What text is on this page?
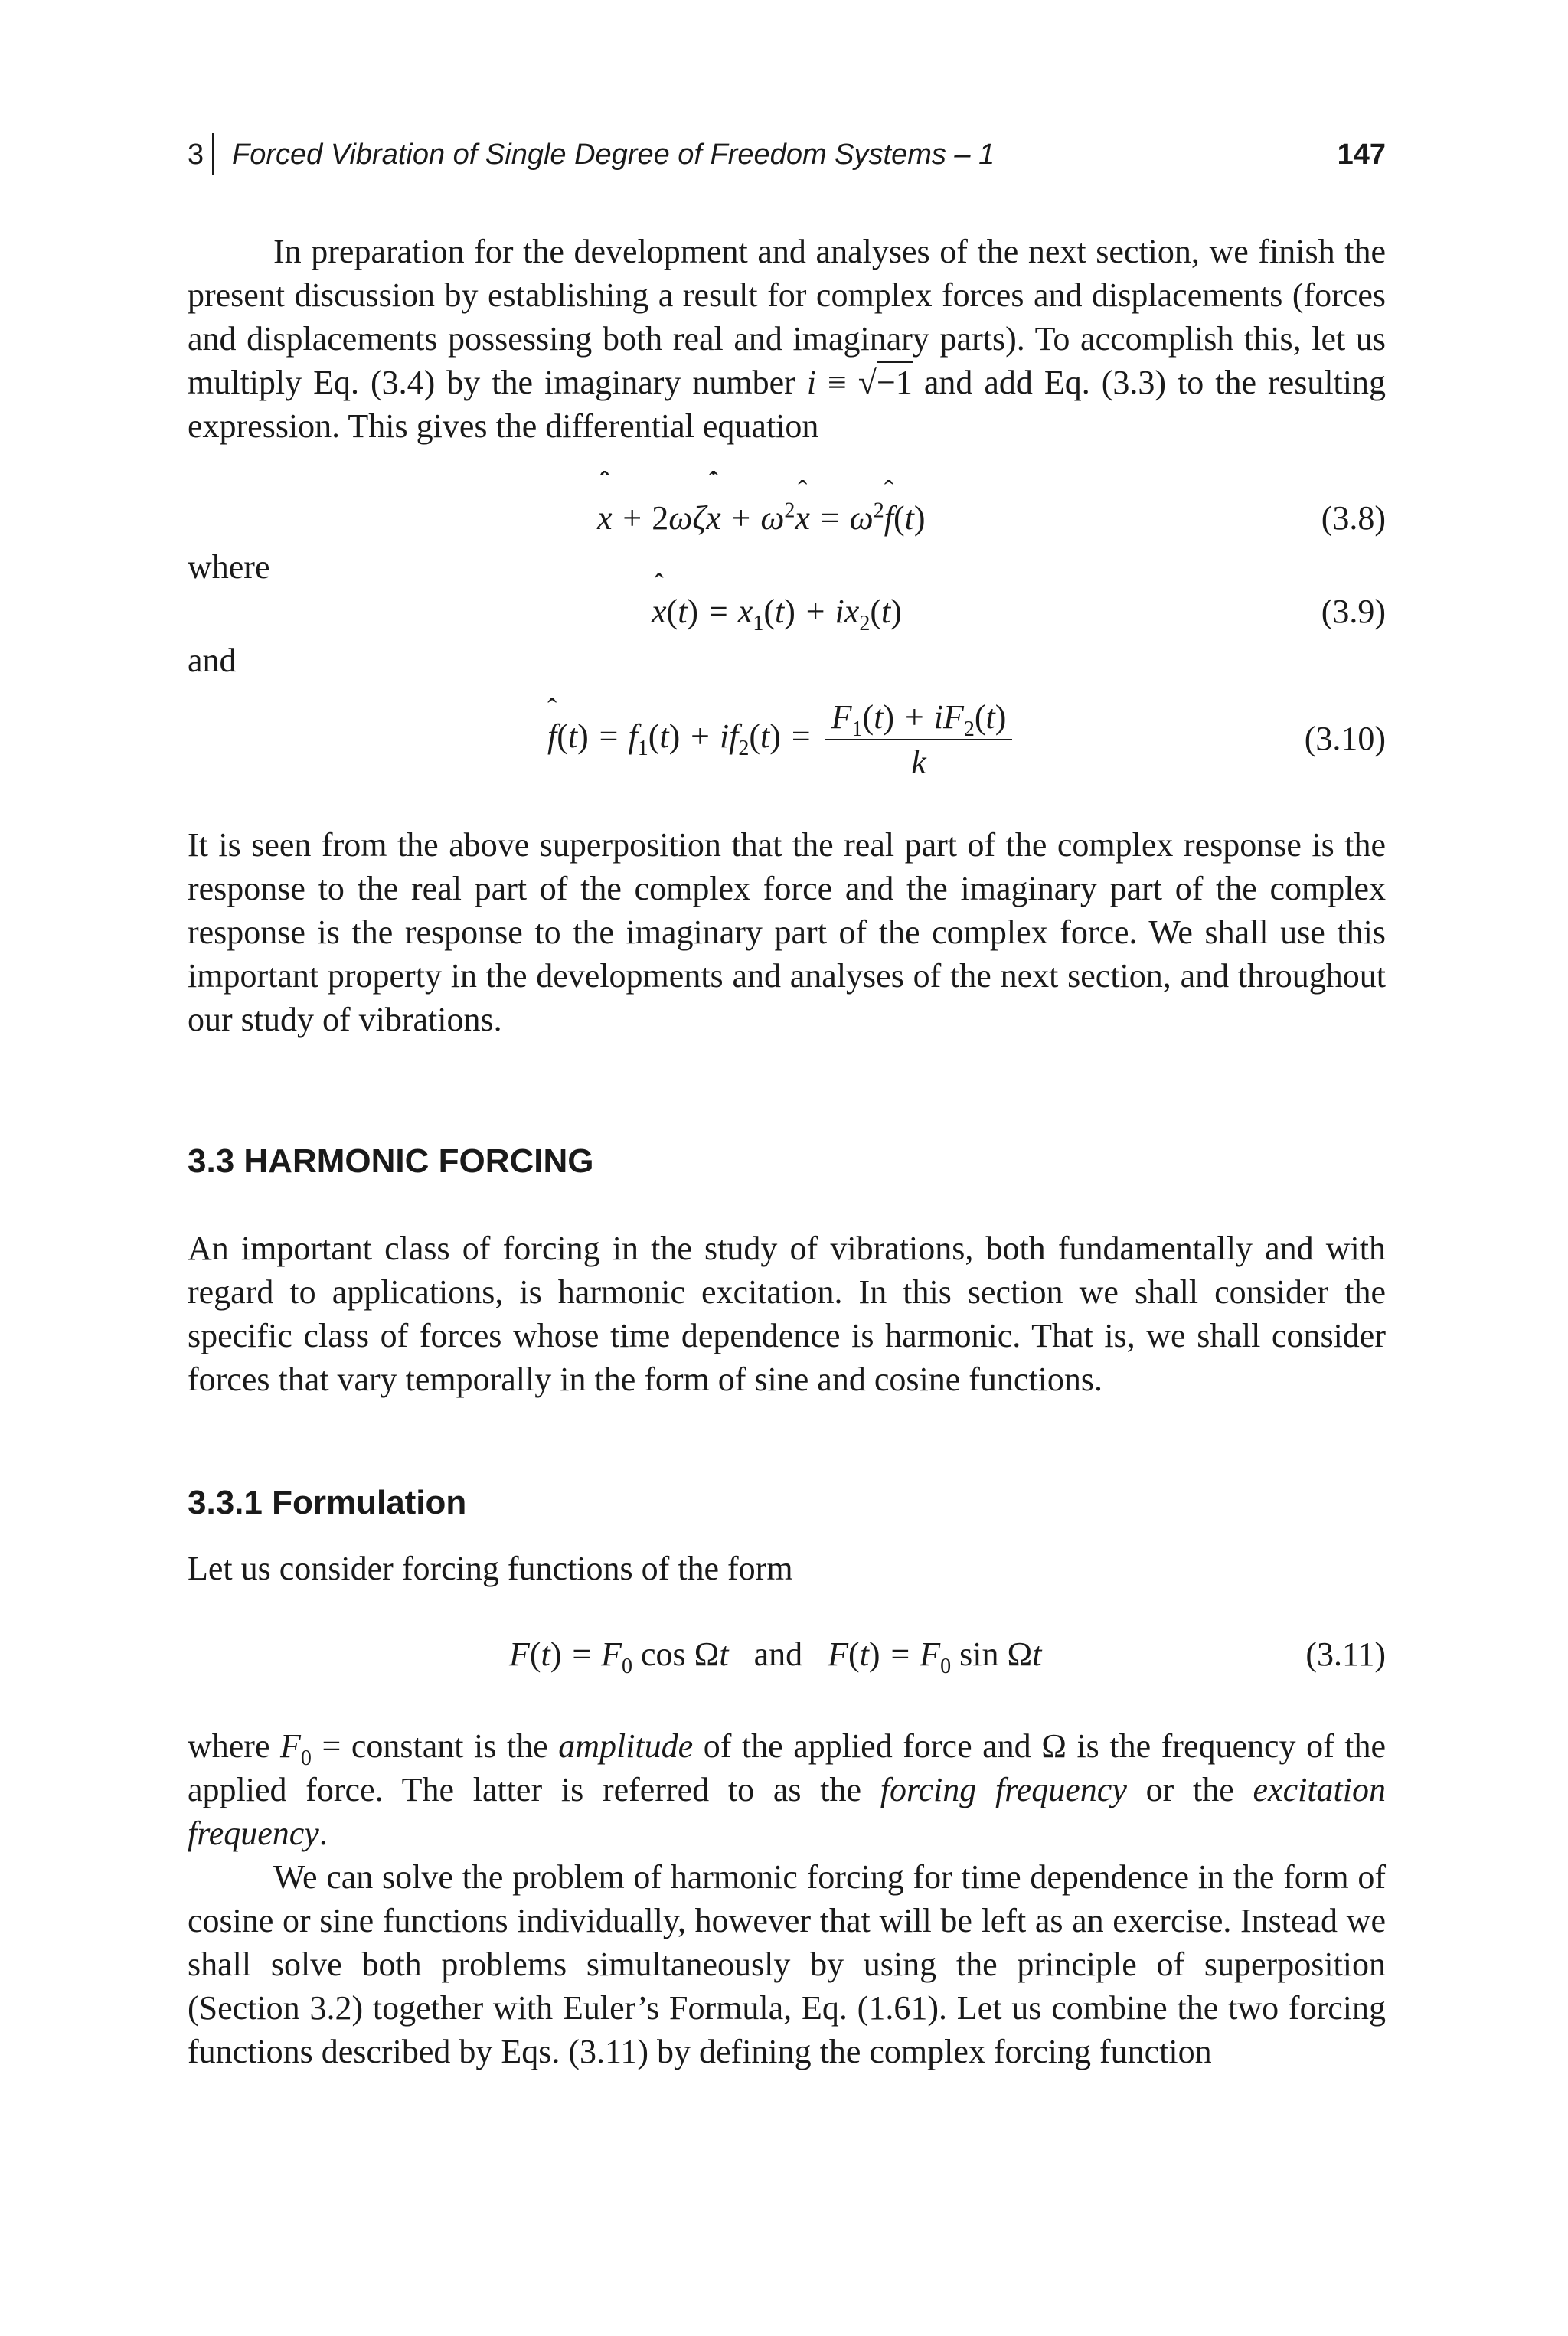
3 Forced Vibration of Single Degree of Freedom Systems – 1	147

In preparation for the development and analyses of the next section, we finish the present discussion by establishing a result for complex forces and displacements (forces and displacements possessing both real and imaginary parts). To accomplish this, let us multiply Eq. (3.4) by the imaginary number i ≡ √−1 and add Eq. (3.3) to the resulting expression. This gives the differential equation

x
+ 2ωζx
+ $\omega^2x$
= $\omega^2f$
(t)	(3.8)

where

x
$(t) = x_1(t) + ix_2(t)$	(3.9)

and

f
$(t) = f_1(t) + if_2(t) = \frac{F_1(t) + iF_2(t)}{k}$	(3.10)

It is seen from the above superposition that the real part of the complex response is the response to the real part of the complex force and the imaginary part of the complex response is the response to the imaginary part of the complex force. We shall use this important property in the developments and analyses of the next section, and throughout our study of vibrations.

3.3 HARMONIC FORCING

An important class of forcing in the study of vibrations, both fundamentally and with regard to applications, is harmonic excitation. In this section we shall consider the specific class of forces whose time dependence is harmonic. That is, we shall consider forces that vary temporally in the form of sine and cosine functions.

3.3.1 Formulation

Let us consider forcing functions of the form

$F(t) = F_0$ cos Ωt   and   $F(t) = F_0$ sin Ωt	(3.11)

where $F_0$ = constant is the amplitude of the applied force and Ω is the frequency of the applied force. The latter is referred to as the forcing frequency or the excitation frequency.

We can solve the problem of harmonic forcing for time dependence in the form of cosine or sine functions individually, however that will be left as an exercise. Instead we shall solve both problems simultaneously by using the principle of superposition (Section 3.2) together with Euler’s Formula, Eq. (1.61). Let us combine the two forcing functions described by Eqs. (3.11) by defining the complex forcing function
